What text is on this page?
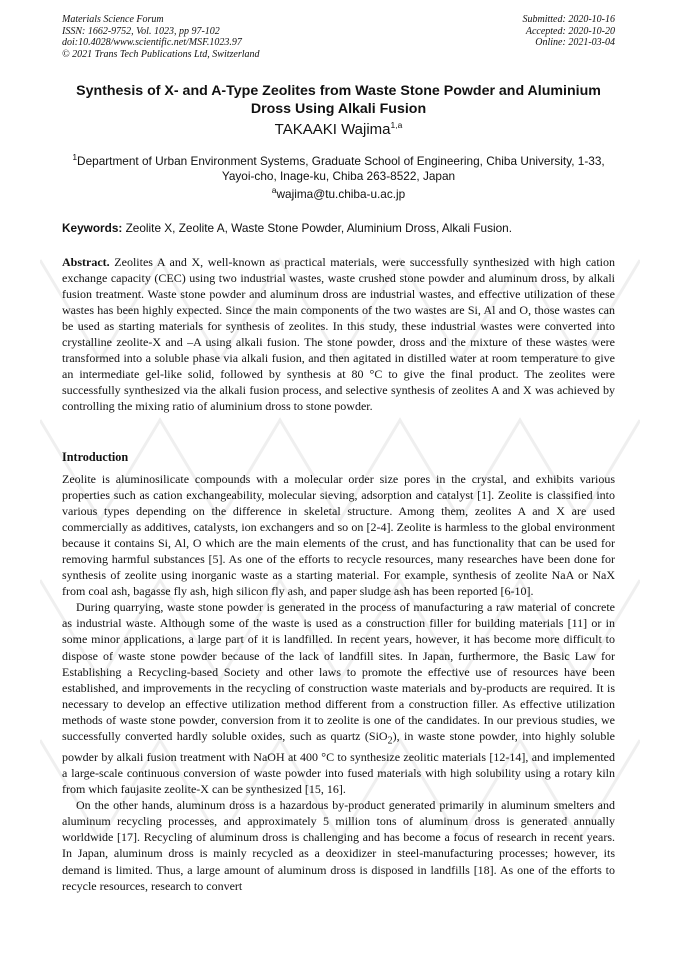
Materials Science Forum
ISSN: 1662-9752, Vol. 1023, pp 97-102
doi:10.4028/www.scientific.net/MSF.1023.97
© 2021 Trans Tech Publications Ltd, Switzerland
Submitted: 2020-10-16
Accepted: 2020-10-20
Online: 2021-03-04
Synthesis of X- and A-Type Zeolites from Waste Stone Powder and Aluminium Dross Using Alkali Fusion
TAKAAKI Wajima$^{1,a}$
$^1$Department of Urban Environment Systems, Graduate School of Engineering, Chiba University, 1-33, Yayoi-cho, Inage-ku, Chiba 263-8522, Japan
$^a$wajima@tu.chiba-u.ac.jp
Keywords: Zeolite X, Zeolite A, Waste Stone Powder, Aluminium Dross, Alkali Fusion.

Abstract. Zeolites A and X, well-known as practical materials, were successfully synthesized with high cation exchange capacity (CEC) using two industrial wastes, waste crushed stone powder and aluminum dross, by alkali fusion treatment. Waste stone powder and aluminum dross are industrial wastes, and effective utilization of these wastes has been highly expected. Since the main components of the two wastes are Si, Al and O, those wastes can be used as starting materials for synthesis of zeolites. In this study, these industrial wastes were converted into crystalline zeolite-X and –A using alkali fusion. The stone powder, dross and the mixture of these wastes were transformed into a soluble phase via alkali fusion, and then agitated in distilled water at room temperature to give an intermediate gel-like solid, followed by synthesis at 80 °C to give the final product. The zeolites were successfully synthesized via the alkali fusion process, and selective synthesis of zeolites A and X was achieved by controlling the mixing ratio of aluminium dross to stone powder.

Introduction

Zeolite is aluminosilicate compounds with a molecular order size pores in the crystal, and exhibits various properties such as cation exchangeability, molecular sieving, adsorption and catalyst [1]. Zeolite is classified into various types depending on the difference in skeletal structure. Among them, zeolites A and X are used commercially as additives, catalysts, ion exchangers and so on [2-4]. Zeolite is harmless to the global environment because it contains Si, Al, O which are the main elements of the crust, and has functionality that can be used for removing harmful substances [5]. As one of the efforts to recycle resources, many researches have been done for synthesis of zeolite using inorganic waste as a starting material. For example, synthesis of zeolite NaA or NaX from coal ash, bagasse fly ash, high silicon fly ash, and paper sludge ash has been reported [6-10].

During quarrying, waste stone powder is generated in the process of manufacturing a raw material of concrete as industrial waste. Although some of the waste is used as a construction filler for building materials [11] or in some minor applications, a large part of it is landfilled. In recent years, however, it has become more difficult to dispose of waste stone powder because of the lack of landfill sites. In Japan, furthermore, the Basic Law for Establishing a Recycling-based Society and other laws to promote the effective use of resources have been established, and improvements in the recycling of construction waste materials and by-products are required. It is necessary to develop an effective utilization method different from a construction filler. As effective utilization methods of waste stone powder, conversion from it to zeolite is one of the candidates. In our previous studies, we successfully converted hardly soluble oxides, such as quartz (SiO$_2$), in waste stone powder, into highly soluble powder by alkali fusion treatment with NaOH at 400 °C to synthesize zeolitic materials [12-14], and implemented a large-scale continuous conversion of waste powder into fused materials with high solubility using a rotary kiln from which faujasite zeolite-X can be synthesized [15, 16].

On the other hands, aluminum dross is a hazardous by-product generated primarily in aluminum smelters and aluminum recycling processes, and approximately 5 million tons of aluminum dross is generated annually worldwide [17]. Recycling of aluminum dross is challenging and has become a focus of research in recent years. In Japan, aluminum dross is mainly recycled as a deoxidizer in steel-manufacturing processes; however, its demand is limited. Thus, a large amount of aluminum dross is disposed in landfills [18]. As one of the efforts to recycle resources, research to convert
